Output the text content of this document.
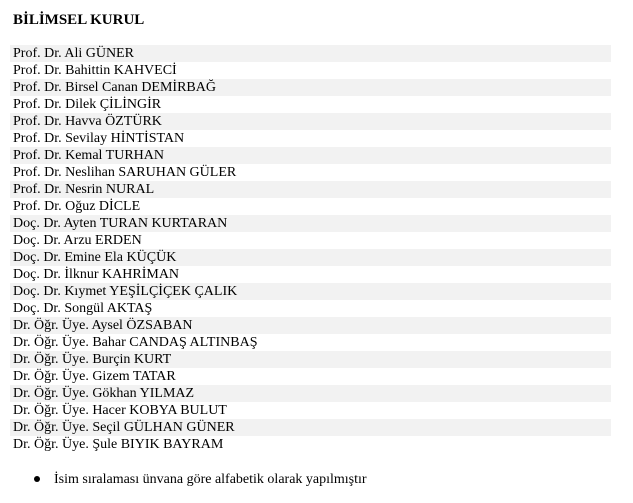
BİLİMSEL KURUL
Prof. Dr. Ali GÜNER
Prof. Dr. Bahittin KAHVECİ
Prof. Dr. Birsel Canan DEMİRBAĞ
Prof. Dr. Dilek ÇİLİNGİR
Prof. Dr. Havva ÖZTÜRK
Prof. Dr. Sevilay HİNTİSTAN
Prof. Dr. Kemal TURHAN
Prof. Dr. Neslihan SARUHAN GÜLER
Prof. Dr. Nesrin NURAL
Prof. Dr. Oğuz DİCLE
Doç. Dr. Ayten TURAN KURTARAN
Doç. Dr. Arzu ERDEN
Doç. Dr. Emine Ela KÜÇÜK
Doç. Dr. İlknur KAHRİMAN
Doç. Dr. Kıymet YEŞİLÇİÇEK ÇALIK
Doç. Dr. Songül AKTAŞ
Dr. Öğr. Üye. Aysel ÖZSABAN
Dr. Öğr. Üye. Bahar CANDAŞ ALTINBAŞ
Dr. Öğr. Üye. Burçin KURT
Dr. Öğr. Üye. Gizem TATAR
Dr. Öğr. Üye. Gökhan YILMAZ
Dr. Öğr. Üye. Hacer KOBYA BULUT
Dr. Öğr. Üye. Seçil GÜLHAN GÜNER
Dr. Öğr. Üye. Şule BIYIK BAYRAM
İsim sıralaması ünvana göre alfabetik olarak yapılmıştır
